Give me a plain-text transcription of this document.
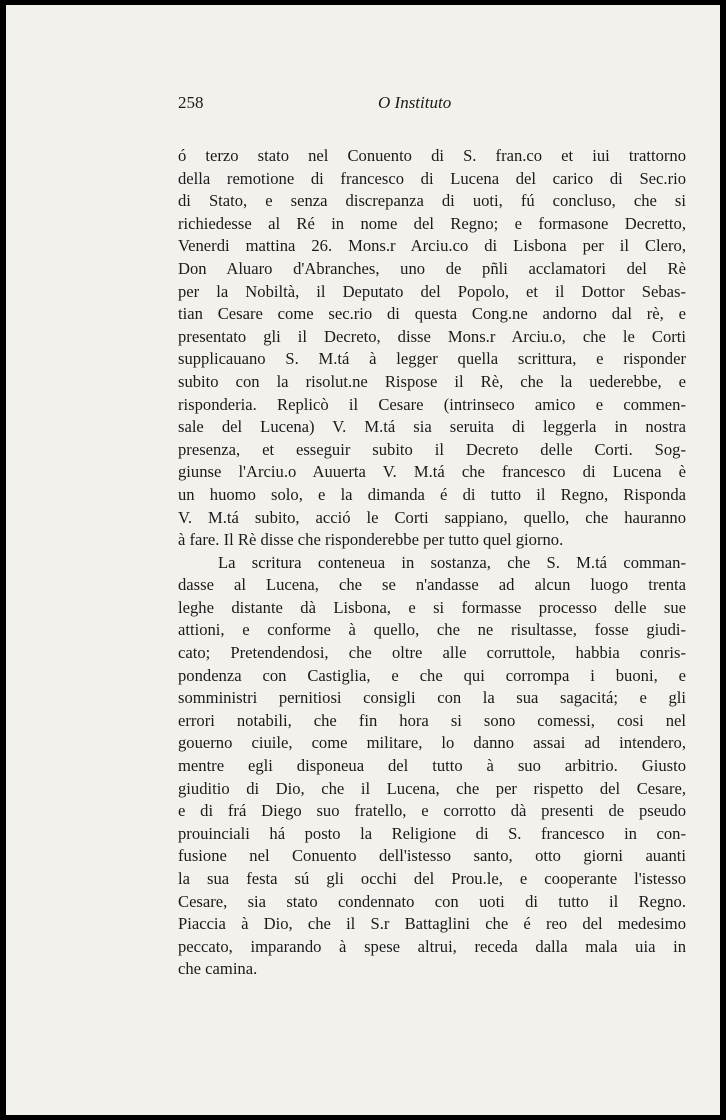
258	O Instituto
ó terzo stato nel Conuento di S. fran.co et iui trattorno
della remotione di francesco di Lucena del carico di Sec.rio
di Stato, e senza discrepanza di uoti, fú concluso, che si
richiedesse al Ré in nome del Regno; e formasone Decretto,
Venerdi mattina 26. Mons.r Arciu.co di Lisbona per il Clero,
Don Aluaro d'Abranches, uno de pñli acclamatori del Rè
per la Nobiltà, il Deputato del Popolo, et il Dottor Sebas-
tian Cesare come sec.rio di questa Cong.ne andorno dal rè, e
presentato gli il Decreto, disse Mons.r Arciu.o, che le Corti
supplicauano S. M.tá à legger quella scrittura, e risponder
subito con la risolut.ne Rispose il Rè, che la uederebbe, e
risponderia. Replicò il Cesare (intrinseco amico e commen-
sale del Lucena) V. M.tá sia seruita di leggerla in nostra
presenza, et esseguir subito il Decreto delle Corti. Sog-
giunse l'Arciu.o Auuerta V. M.tá che francesco di Lucena è
un huomo solo, e la dimanda é di tutto il Regno, Risponda
V. M.tá subito, acció le Corti sappiano, quello, che hauranno
à fare. Il Rè disse che risponderebbe per tutto quel giorno.
La scritura conteneua in sostanza, che S. M.tá comman-
dasse al Lucena, che se n'andasse ad alcun luogo trenta
leghe distante dà Lisbona, e si formasse processo delle sue
attioni, e conforme à quello, che ne risultasse, fosse giudi-
cato; Pretendendosi, che oltre alle corruttole, habbia conris-
pondenza con Castiglia, e che qui corrompa i buoni, e
somministri pernitiosi consigli con la sua sagacitá; e gli
errori notabili, che fin hora si sono comessi, cosi nel
gouerno ciuile, come militare, lo danno assai ad intendero,
mentre egli disponeua del tutto à suo arbitrio. Giusto
giuditio di Dio, che il Lucena, che per rispetto del Cesare,
e di frá Diego suo fratello, e corrotto dà presenti de pseudo
prouinciali há posto la Religione di S. francesco in con-
fusione nel Conuento dell'istesso santo, otto giorni auanti
la sua festa sú gli occhi del Prou.le, e cooperante l'istesso
Cesare, sia stato condennato con uoti di tutto il Regno.
Piaccia à Dio, che il S.r Battaglini che é reo del medesimo
peccato, imparando à spese altrui, receda dalla mala uia in
che camina.
